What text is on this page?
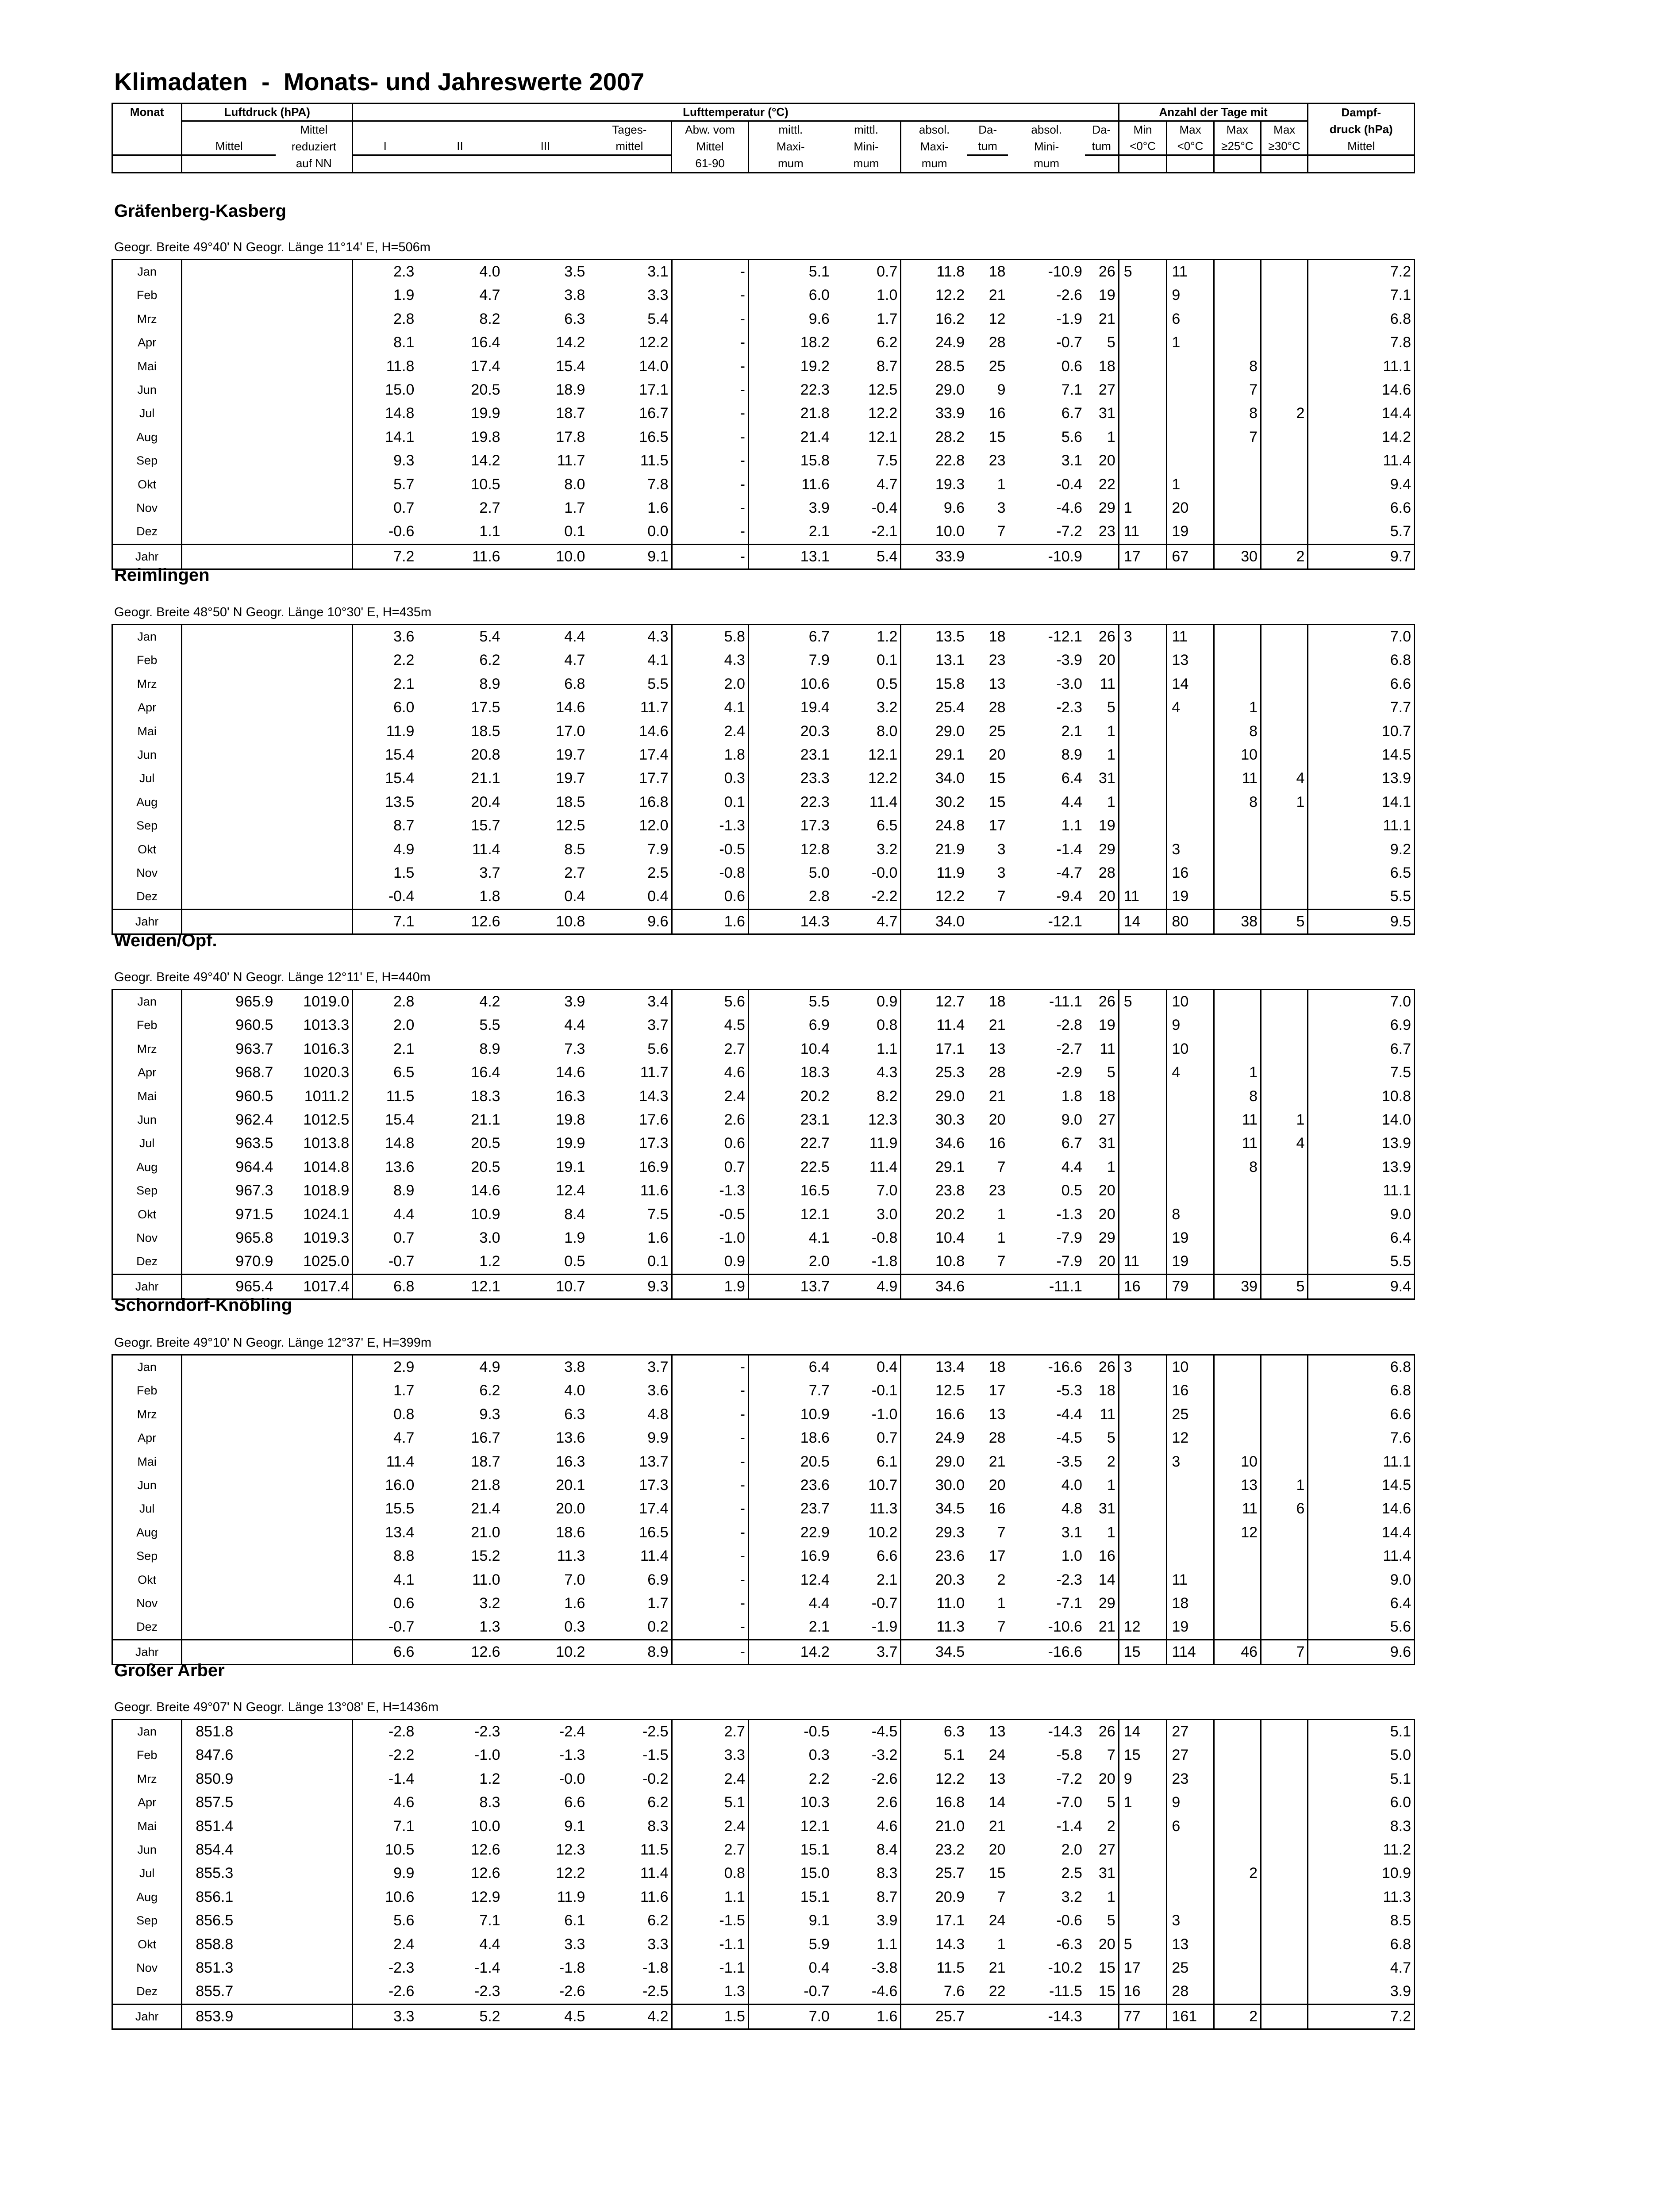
Klimadaten  -  Monats- und Jahreswerte 2007
Monat	Luftdruck (hPA)		Lufttemperatur (°C)											Anzahl der Tage mit				Dampf-
		Mittel				Tages-	Abw. vom	mittl.	mittl.	absol.	Da-	absol.	Da-	Min	Max	Max	Max	druck (hPa)
	Mittel	reduziert	I	II	III	mittel	Mittel	Maxi-	Mini-	Maxi-	tum	Mini-	tum	<0°C	<0°C	≥25°C	≥30°C	Mittel
		auf NN					61-90	mum	mum	mum		mum						
Gräfenberg-Kasberg
Geogr. Breite 49°40' N Geogr. Länge 11°14' E, H=506m
Jan			2.3	4.0	3.5	3.1	-	5.1	0.7	11.8	18	-10.9	26	5	11			7.2
Feb			1.9	4.7	3.8	3.3	-	6.0	1.0	12.2	21	-2.6	19		9			7.1
Mrz			2.8	8.2	6.3	5.4	-	9.6	1.7	16.2	12	-1.9	21		6			6.8
Apr			8.1	16.4	14.2	12.2	-	18.2	6.2	24.9	28	-0.7	5		1			7.8
Mai			11.8	17.4	15.4	14.0	-	19.2	8.7	28.5	25	0.6	18			8		11.1
Jun			15.0	20.5	18.9	17.1	-	22.3	12.5	29.0	9	7.1	27			7		14.6
Jul			14.8	19.9	18.7	16.7	-	21.8	12.2	33.9	16	6.7	31			8	2	14.4
Aug			14.1	19.8	17.8	16.5	-	21.4	12.1	28.2	15	5.6	1			7		14.2
Sep			9.3	14.2	11.7	11.5	-	15.8	7.5	22.8	23	3.1	20					11.4
Okt			5.7	10.5	8.0	7.8	-	11.6	4.7	19.3	1	-0.4	22		1			9.4
Nov			0.7	2.7	1.7	1.6	-	3.9	-0.4	9.6	3	-4.6	29	1	20			6.6
Dez			-0.6	1.1	0.1	0.0	-	2.1	-2.1	10.0	7	-7.2	23	11	19			5.7
Jahr			7.2	11.6	10.0	9.1	-	13.1	5.4	33.9		-10.9		17	67	30	2	9.7
Reimlingen
Geogr. Breite 48°50' N Geogr. Länge 10°30' E, H=435m
Jan			3.6	5.4	4.4	4.3	5.8	6.7	1.2	13.5	18	-12.1	26	3	11			7.0
Feb			2.2	6.2	4.7	4.1	4.3	7.9	0.1	13.1	23	-3.9	20		13			6.8
Mrz			2.1	8.9	6.8	5.5	2.0	10.6	0.5	15.8	13	-3.0	11		14			6.6
Apr			6.0	17.5	14.6	11.7	4.1	19.4	3.2	25.4	28	-2.3	5		4	1		7.7
Mai			11.9	18.5	17.0	14.6	2.4	20.3	8.0	29.0	25	2.1	1			8		10.7
Jun			15.4	20.8	19.7	17.4	1.8	23.1	12.1	29.1	20	8.9	1			10		14.5
Jul			15.4	21.1	19.7	17.7	0.3	23.3	12.2	34.0	15	6.4	31			11	4	13.9
Aug			13.5	20.4	18.5	16.8	0.1	22.3	11.4	30.2	15	4.4	1			8	1	14.1
Sep			8.7	15.7	12.5	12.0	-1.3	17.3	6.5	24.8	17	1.1	19					11.1
Okt			4.9	11.4	8.5	7.9	-0.5	12.8	3.2	21.9	3	-1.4	29		3			9.2
Nov			1.5	3.7	2.7	2.5	-0.8	5.0	-0.0	11.9	3	-4.7	28		16			6.5
Dez			-0.4	1.8	0.4	0.4	0.6	2.8	-2.2	12.2	7	-9.4	20	11	19			5.5
Jahr			7.1	12.6	10.8	9.6	1.6	14.3	4.7	34.0		-12.1		14	80	38	5	9.5
Weiden/Opf.
Geogr. Breite 49°40' N Geogr. Länge 12°11' E, H=440m
Jan	965.9	1019.0	2.8	4.2	3.9	3.4	5.6	5.5	0.9	12.7	18	-11.1	26	5	10			7.0
Feb	960.5	1013.3	2.0	5.5	4.4	3.7	4.5	6.9	0.8	11.4	21	-2.8	19		9			6.9
Mrz	963.7	1016.3	2.1	8.9	7.3	5.6	2.7	10.4	1.1	17.1	13	-2.7	11		10			6.7
Apr	968.7	1020.3	6.5	16.4	14.6	11.7	4.6	18.3	4.3	25.3	28	-2.9	5		4	1		7.5
Mai	960.5	1011.2	11.5	18.3	16.3	14.3	2.4	20.2	8.2	29.0	21	1.8	18			8		10.8
Jun	962.4	1012.5	15.4	21.1	19.8	17.6	2.6	23.1	12.3	30.3	20	9.0	27			11	1	14.0
Jul	963.5	1013.8	14.8	20.5	19.9	17.3	0.6	22.7	11.9	34.6	16	6.7	31			11	4	13.9
Aug	964.4	1014.8	13.6	20.5	19.1	16.9	0.7	22.5	11.4	29.1	7	4.4	1			8		13.9
Sep	967.3	1018.9	8.9	14.6	12.4	11.6	-1.3	16.5	7.0	23.8	23	0.5	20					11.1
Okt	971.5	1024.1	4.4	10.9	8.4	7.5	-0.5	12.1	3.0	20.2	1	-1.3	20		8			9.0
Nov	965.8	1019.3	0.7	3.0	1.9	1.6	-1.0	4.1	-0.8	10.4	1	-7.9	29		19			6.4
Dez	970.9	1025.0	-0.7	1.2	0.5	0.1	0.9	2.0	-1.8	10.8	7	-7.9	20	11	19			5.5
Jahr	965.4	1017.4	6.8	12.1	10.7	9.3	1.9	13.7	4.9	34.6		-11.1		16	79	39	5	9.4
Schorndorf-Knöbling
Geogr. Breite 49°10' N Geogr. Länge 12°37' E, H=399m
Jan			2.9	4.9	3.8	3.7	-	6.4	0.4	13.4	18	-16.6	26	3	10			6.8
Feb			1.7	6.2	4.0	3.6	-	7.7	-0.1	12.5	17	-5.3	18		16			6.8
Mrz			0.8	9.3	6.3	4.8	-	10.9	-1.0	16.6	13	-4.4	11		25			6.6
Apr			4.7	16.7	13.6	9.9	-	18.6	0.7	24.9	28	-4.5	5		12			7.6
Mai			11.4	18.7	16.3	13.7	-	20.5	6.1	29.0	21	-3.5	2		3	10		11.1
Jun			16.0	21.8	20.1	17.3	-	23.6	10.7	30.0	20	4.0	1			13	1	14.5
Jul			15.5	21.4	20.0	17.4	-	23.7	11.3	34.5	16	4.8	31			11	6	14.6
Aug			13.4	21.0	18.6	16.5	-	22.9	10.2	29.3	7	3.1	1			12		14.4
Sep			8.8	15.2	11.3	11.4	-	16.9	6.6	23.6	17	1.0	16					11.4
Okt			4.1	11.0	7.0	6.9	-	12.4	2.1	20.3	2	-2.3	14		11			9.0
Nov			0.6	3.2	1.6	1.7	-	4.4	-0.7	11.0	1	-7.1	29		18			6.4
Dez			-0.7	1.3	0.3	0.2	-	2.1	-1.9	11.3	7	-10.6	21	12	19			5.6
Jahr			6.6	12.6	10.2	8.9	-	14.2	3.7	34.5		-16.6		15	114	46	7	9.6
Großer Arber
Geogr. Breite 49°07' N Geogr. Länge 13°08' E, H=1436m
Jan	851.8		-2.8	-2.3	-2.4	-2.5	2.7	-0.5	-4.5	6.3	13	-14.3	26	14	27			5.1
Feb	847.6		-2.2	-1.0	-1.3	-1.5	3.3	0.3	-3.2	5.1	24	-5.8	7	15	27			5.0
Mrz	850.9		-1.4	1.2	-0.0	-0.2	2.4	2.2	-2.6	12.2	13	-7.2	20	9	23			5.1
Apr	857.5		4.6	8.3	6.6	6.2	5.1	10.3	2.6	16.8	14	-7.0	5	1	9			6.0
Mai	851.4		7.1	10.0	9.1	8.3	2.4	12.1	4.6	21.0	21	-1.4	2		6			8.3
Jun	854.4		10.5	12.6	12.3	11.5	2.7	15.1	8.4	23.2	20	2.0	27					11.2
Jul	855.3		9.9	12.6	12.2	11.4	0.8	15.0	8.3	25.7	15	2.5	31			2		10.9
Aug	856.1		10.6	12.9	11.9	11.6	1.1	15.1	8.7	20.9	7	3.2	1					11.3
Sep	856.5		5.6	7.1	6.1	6.2	-1.5	9.1	3.9	17.1	24	-0.6	5		3			8.5
Okt	858.8		2.4	4.4	3.3	3.3	-1.1	5.9	1.1	14.3	1	-6.3	20	5	13			6.8
Nov	851.3		-2.3	-1.4	-1.8	-1.8	-1.1	0.4	-3.8	11.5	21	-10.2	15	17	25			4.7
Dez	855.7		-2.6	-2.3	-2.6	-2.5	1.3	-0.7	-4.6	7.6	22	-11.5	15	16	28			3.9
Jahr	853.9		3.3	5.2	4.5	4.2	1.5	7.0	1.6	25.7		-14.3		77	161	2		7.2
